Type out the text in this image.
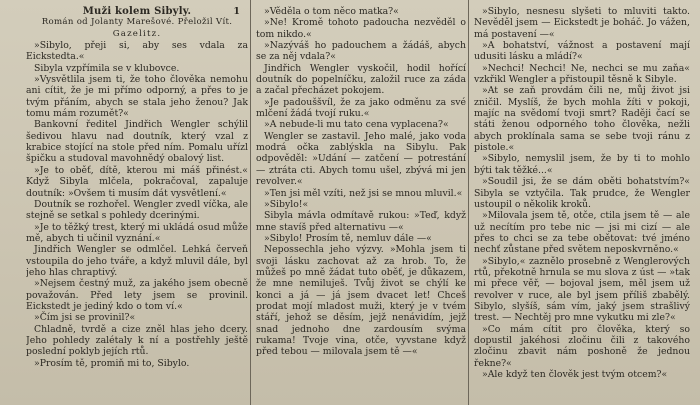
Muži kolem Sibyly.	1
Román od Jolanty Marešové. Přeložil Vít.
Gazelitz.

»Sibylo, přeji si, aby ses vdala za Eickstedta.«

Sibyla vzpřímila se v klubovce.

»Vysvětlila jsem ti, že toho člověka nemohu ani cítit, že je mi přímo odporný, a přes to je tvým přáním, abych se stala jeho ženou? Jak tomu mám rozumět?«

Bankovní ředitel Jindřich Wengler schýlil šedivou hlavu nad doutník, který vzal z krabice stojící na stole před ním. Pomalu uřízl špičku a studoval mavohnědý obalový list.

»Je to oběť, dítě, kterou mi máš přinést.« Když Sibyla mlčela, pokračoval, zapaluje doutník: »Ovšem ti musím dát vysvětlení.«

Doutník se rozhořel. Wengler zvedl víčka, ale stejně se setkal s pohledy dcerinými.

»Je to těžký trest, který mi ukládá osud může mě, abych ti učinil vyznání.«

Jindřich Wengler se odmlčel. Lehká červeň vstoupila do jeho tváře, a když mluvil dále, byl jeho hlas chraptivý.

»Nejsem čestný muž, za jakého jsem obecně považován. Před lety jsem se provinil. Eickstedt je jediný kdo o tom ví.«

»Čím jsi se provinil?«

Chladně, tvrdě a cize zněl hlas jeho dcery. Jeho pohledy zalétaly k ní a postřehly ještě poslední poklyb jejích rtů.

»Prosím tě, promiň mi to, Sibylo.

»Věděla o tom něco matka?«

»Ne! Kromě tohoto padoucha nezvěděl o tom nikdo.«

»Nazýváš ho padouchem a žádáš, abych se za něj vdala?«

Jindřich Wengler vyskočil, hodil hořící doutník do popelníčku, založil ruce za záda a začal přecházet pokojem.

»Je padouššvíl, že za jako odměnu za své mlčení žádá tvojí ruku.«

»A nebude-li mu tato cena vyplacena?«

Wengler se zastavil. Jeho malé, jako voda modrá očka zablýskla na Sibylu. Pak odpověděl: »Udání — zatčení — potrestání — ztráta cti. Abych tomu ušel, zbývá mi jen revolver.«

»Ten jsi měl vzíti, než jsi se mnou mluvil.«

»Sibylo!«

Sibyla mávla odmítavě rukou: »Teď, když mne stavíš před alternativu —«

»Sibylo! Prosím tě, nemluv dále —«

Nepossechla jeho výzvy. »Mohla jsem ti svoji lásku zachovat až za hrob. To, že můžeš po mně žádat tuto oběť, je důkazem, že mne nemiluješ. Tvůj život se chýlí ke konci a já — já jsem dvacet let! Chceš prodat mojí mladost muži, který je v tvém stáří, jehož se děsím, jejž nenávidím, jejž snad jednoho dne zardousím svýma rukama! Tvoje vina, otče, vyvstane když před tebou — milovala jsem tě —«

»Sibylo, nesnesu slyšeti to mluviti takto. Nevěděl jsem — Eickstedt je boháč. Jo vážen, má postavení —«

»A bohatství, vážnost a postavení mají udusiti lásku a mládí?«

»Nechci! Nechci! Ne, nechci se mu zaňa« vzkřikl Wengler a přistoupil těsně k Sibyle.

»At se zaň provdám čili ne, můj život jsi zničil. Myslíš, že bych mohla žíti v pokoji, majíc na svědomí tvoji smrt? Raději čací se státi ženou odporného toho člověka, nežli abych proklínala sama se sebe tvoji ránu z pistole.«

»Sibylo, nemyslil jsem, že by ti to mohlo býti tak těžké...«

»Soudil jsi, že se dám oběti bohatstvím?« Sibyla se vztyčila. Tak prudce, že Wengler ustoupil o několik kroků.

»Milovala jsem tě, otče, ctila jsem tě — ale už necítím pro tebe nic — jsi mi cizí — ale přes to chci se za tebe obětovat: tvé jméno nechť zůstane před světem neposkvrněno.«

»Sibylo,« zaznělo prosebně z Wenglerových rtů, překotně hrnula se mu slova z úst — »tak mi přece věř, — bojoval jsem, měl jsem už revolver v ruce, ale byl jsem příliš zbabělý. Sibylo, slyšíš, sám vím, jaký jsem strašlivý trest. — Nechtěj pro mne vykutku mi zle?«

»Co mám cítit pro člověka, který so dopustil jakéhosi zločinu čili z takového zločinu zbavit nám poshoně že jednou řekne?«

»Ale když ten člověk jest tvým otcem?«
